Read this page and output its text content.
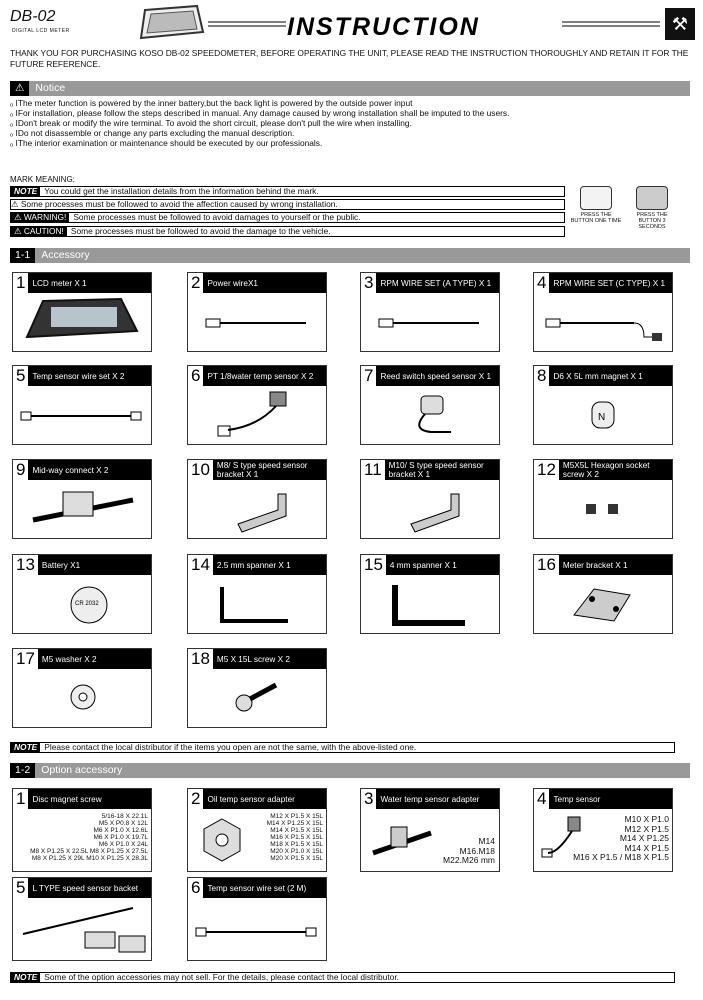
DB-02
DIGITAL LCD METER	INSTRUCTION	⚒
THANK YOU FOR PURCHASING KOSO DB-02 SPEEDOMETER, BEFORE OPERATING THE UNIT, PLEASE READ THE INSTRUCTION THOROUGHLY AND RETAIN IT FOR THE FUTURE REFERENCE.
⚠ Notice
ₒ IThe meter function is powered by the inner battery,but the back light is powered by the outside power input
ₒ IFor installation, please follow the steps described in manual. Any damage caused by wrong installation shall be imputed to the users.
ₒ IDon't break or modify the wire terminal. To avoid the short circuit, please don't pull the wire when installing.
ₒ IDo not disassemble or change any parts excluding the manual description.
ₒ IThe interior examination or maintenance should be executed by our professionals.
MARK MEANING:
NOTE You could get the installation details from the information behind the mark.
⚠ Some processes must be followed to avoid the affection caused by wrong installation.
⚠ WARNING! Some processes must be followed to avoid damages to yourself or the public.
⚠ CAUTION! Some processes must be followed to avoid the damage to the vehicle.
PRESS THE BUTTON ONE TIME
PRESS THE BUTTON 3 SECONDS
1-1 Accessory
1 LCD meter X 1	2 Power wireX1	3 RPM WIRE SET (A TYPE) X 1	4 RPM WIRE SET (C TYPE) X 1
5 Temp sensor wire set X 2	6 PT 1/8water temp sensor X 2	7 Reed switch speed sensor X 1	8 D6 X 5L mm magnet X 1
N
9 Mid-way connect X 2	10 M8/ S type speed sensor bracket X 1	11 M10/ S type speed sensor bracket X 1	12 M5X5L Hexagon socket screw X 2
13 Battery X1
CR 2032
14 2.5 mm spanner X 1	15 4 mm spanner X 1	16 Meter bracket X 1
17 M5 washer X 2	18 M5 X 15L screw X 2
NOTE Please contact the local distributor if the items you open are not the same, with the above-listed one.
1-2 Option accessory
1 Disc magnet screw
5/16-18 X 22.1L
M5 X P0.8 X 12L
M6 X P1.0 X 12.6L
M6 X P1.0 X 19.7L
M6 X P1.0 X 24L
M8 X P1.25 X 22.5L M8 X P1.25 X 27.5L
M8 X P1.25 X 29L M10 X P1.25 X 28.3L
2 Oil temp sensor adapter
M12 X P1.5 X 15L
M14 X P1.25 X 15L
M14 X P1.5 X 15L
M16 X P1.5 X 15L
M18 X P1.5 X 15L
M20 X P1.0 X 15L
M20 X P1.5 X 15L
3 Water temp sensor adapter
M14
M16.M18
M22.M26 mm
4 Temp sensor
M10 X P1.0
M12 X P1.5
M14 X P1.25
M14 X P1.5
M16 X P1.5 / M18 X P1.5
5 L TYPE speed sensor backet	6 Temp sensor wire set (2 M)
NOTE Some of the option accessories may not sell. For the details, please contact the local distributor.
